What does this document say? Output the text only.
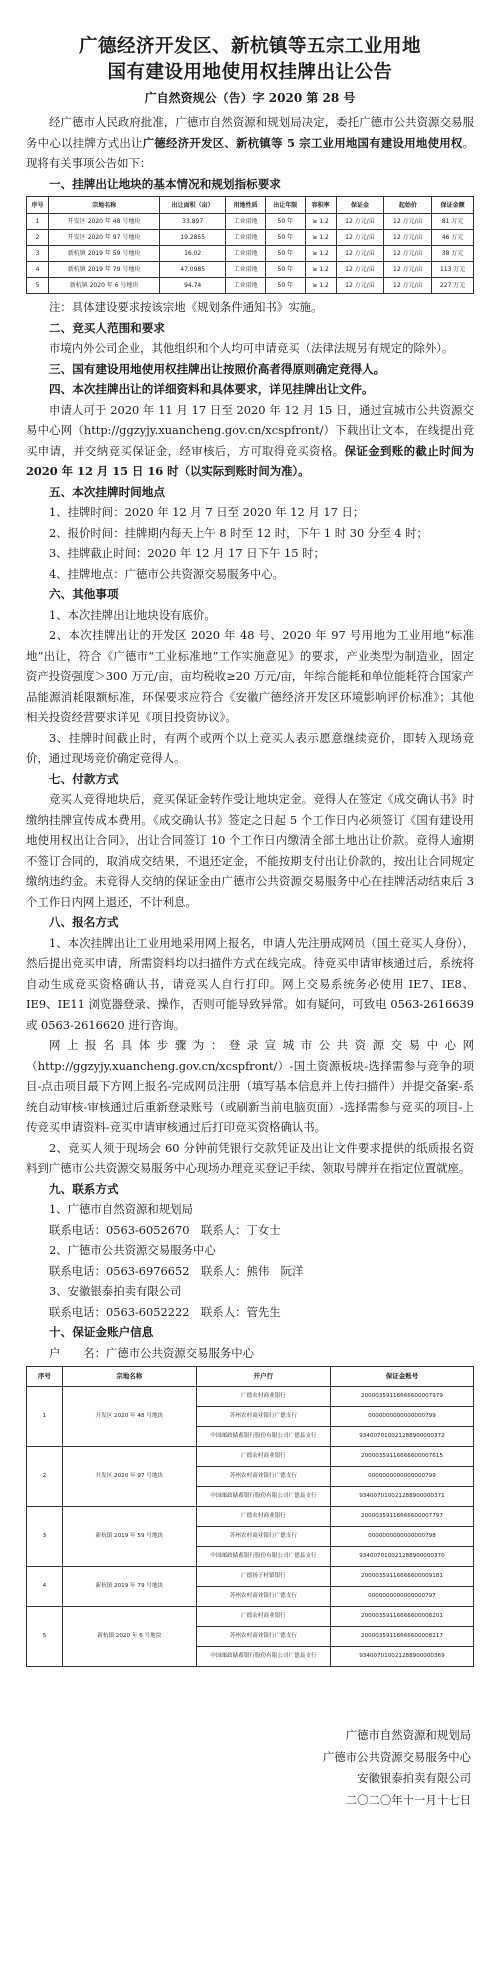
广德经济开发区、新杭镇等五宗工业用地
国有建设用地使用权挂牌出让公告
广自然资规公（告）字 2020 第 28 号

经广德市人民政府批准，广德市自然资源和规划局决定，委托广德市公共资源交易服务中心以挂牌方式出让广德经济开发区、新杭镇等 5 宗工业用地国有建设用地使用权。现将有关事项公告如下：

一、挂牌出让地块的基本情况和规划指标要求
序号	宗地名称	出让面积（亩）	用地性质	出让年限	容积率	保证金	起始价	保证金额
1	开发区 2020 年 48 号地块	33.897	工业用地	50 年	≥ 1.2	12 万元/亩	12 万元/亩	81 万元
2	开发区 2020 年 97 号地块	19.2855	工业用地	50 年	≥ 1.2	12 万元/亩	12 万元/亩	46 万元
3	新杭镇 2019 年 59 号地块	16.02	工业用地	50 年	≥ 1.2	12 万元/亩	12 万元/亩	38 万元
4	新杭镇 2019 年 79 号地块	47.0985	工业用地	50 年	≥ 1.2	12 万元/亩	12 万元/亩	113 万元
5	新杭镇 2020 年 6 号地块	94.74	工业用地	50 年	≥ 1.2	12 万元/亩	12 万元/亩	227 万元

注：具体建设要求按该宗地《规划条件通知书》实施。

二、竞买人范围和要求

市境内外公司企业，其他组织和个人均可申请竞买（法律法规另有规定的除外）。

三、国有建设用地使用权挂牌出让按照价高者得原则确定竞得人。
四、本次挂牌出让的详细资料和具体要求，详见挂牌出让文件。

申请人可于 2020 年 11 月 17 日至 2020 年 12 月 15 日，通过宣城市公共资源交易中心网（http://ggzyjy.xuancheng.gov.cn/xcspfront/）下载出让文本，在线提出竞买申请，并交纳竞买保证金，经审核后，方可取得竞买资格。保证金到账的截止时间为 2020 年 12 月 15 日 16 时（以实际到账时间为准）。

五、本次挂牌时间地点

1、挂牌时间：2020 年 12 月 7 日至 2020 年 12 月 17 日；

2、报价时间：挂牌期内每天上午 8 时至 12 时，下午 1 时 30 分至 4 时；

3、挂牌截止时间：2020 年 12 月 17 日下午 15 时；

4、挂牌地点：广德市公共资源交易服务中心。

六、其他事项

1、本次挂牌出让地块设有底价。

2、本次挂牌出让的开发区 2020 年 48 号、2020 年 97 号用地为工业用地“标准地”出让，符合《广德市“工业标准地”工作实施意见》的要求，产业类型为制造业，固定资产投资强度＞300 万元/亩，亩均税收≥20 万元/亩，年综合能耗和单位能耗符合国家产品能源消耗限额标准，环保要求应符合《安徽广德经济开发区环境影响评价标准》；其他相关投资经营要求详见《项目投资协议》。

3、挂牌时间截止时，有两个或两个以上竞买人表示愿意继续竞价，即转入现场竞价，通过现场竞价确定竞得人。

七、付款方式

竞买人竞得地块后，竞买保证金转作受让地块定金。竞得人在签定《成交确认书》时缴纳挂牌宣传成本费用。《成交确认书》签定之日起 5 个工作日内必须签订《国有建设用地使用权出让合同》，出让合同签订 10 个工作日内缴清全部土地出让价款。竞得人逾期不签订合同的，取消成交结果，不退还定金，不能按期支付出让价款的，按出让合同规定缴纳违约金。未竞得人交纳的保证金由广德市公共资源交易服务中心在挂牌活动结束后 3 个工作日内网上退还，不计利息。

八、报名方式

1、本次挂牌出让工业用地采用网上报名，申请人先注册成网员（国土竞买人身份），然后提出竞买申请，所需资料均以扫描件方式在线完成。待竞买申请审核通过后，系统将自动生成竞买资格确认书，请竞买人自行打印。网上交易系统务必使用 IE7、IE8、IE9、IE11 浏览器登录、操作，否则可能导致异常。如有疑问，可致电 0563-2616639 或 0563-2616620 进行咨询。

网上报名具体步骤为：登录宣城市公共资源交易中心网（http://ggzyjy.xuancheng.gov.cn/xcspfront/）-国土资源板块-选择需参与竞争的项目-点击项目最下方网上报名-完成网员注册（填写基本信息并上传扫描件）并提交备案-系统自动审核-审核通过后重新登录账号（或刷新当前电脑页面）-选择需参与竞买的项目-上传竞买申请资料-竞买申请审核通过后打印竞买资格确认书。

2、竞买人须于现场会 60 分钟前凭银行交款凭证及出让文件要求提供的纸质报名资料到广德市公共资源交易服务中心现场办理竞买登记手续、领取号牌并在指定位置就座。

九、联系方式

1、广德市自然资源和规划局

联系电话：0563-6052670　联系人：丁女士

2、广德市公共资源交易服务中心

联系电话：0563-6976652　联系人：熊伟　阮洋

3、安徽银泰拍卖有限公司

联系电话：0563-6052222　联系人：管先生

十、保证金账户信息

户　　名：广德市公共资源交易服务中心

序号	宗地名称	开户行	保证金账号
1	开发区 2020 年 48 号地块	广德农村商业银行	20000359116666600007979
		苏州农村商业银行广德支行	0000000000000000799
		中国邮政储蓄银行股份有限公司广德县支行	934007010021288900000372
2	开发区 2020 年 97 号地块	广德农村商业银行	20000359116666600007615
		苏州农村商业银行广德支行	0000000000000000799
		中国邮政储蓄银行股份有限公司广德县支行	934007010021288900000371
3	新杭镇 2019 年 59 号地块	广德农村商业银行	20000359116666600007797
		苏州农村商业银行广德支行	0000000000000000798
		中国邮政储蓄银行股份有限公司广德县支行	934007010021288900000370
4	新杭镇 2019 年 79 号地块	广德扬子村镇银行	20000359116666600009181
		苏州农村商业银行广德支行	0000000000000000797
5	新杭镇 2020 年 6 号地块	广德农村商业银行	20000359116666600008201
		苏州农村商业银行广德支行	20000359116666600008217
		中国邮政储蓄银行股份有限公司广德县支行	934007010021288900000369
广德市自然资源和规划局
广德市公共资源交易服务中心
安徽银泰拍卖有限公司
二〇二〇年十一月十七日
